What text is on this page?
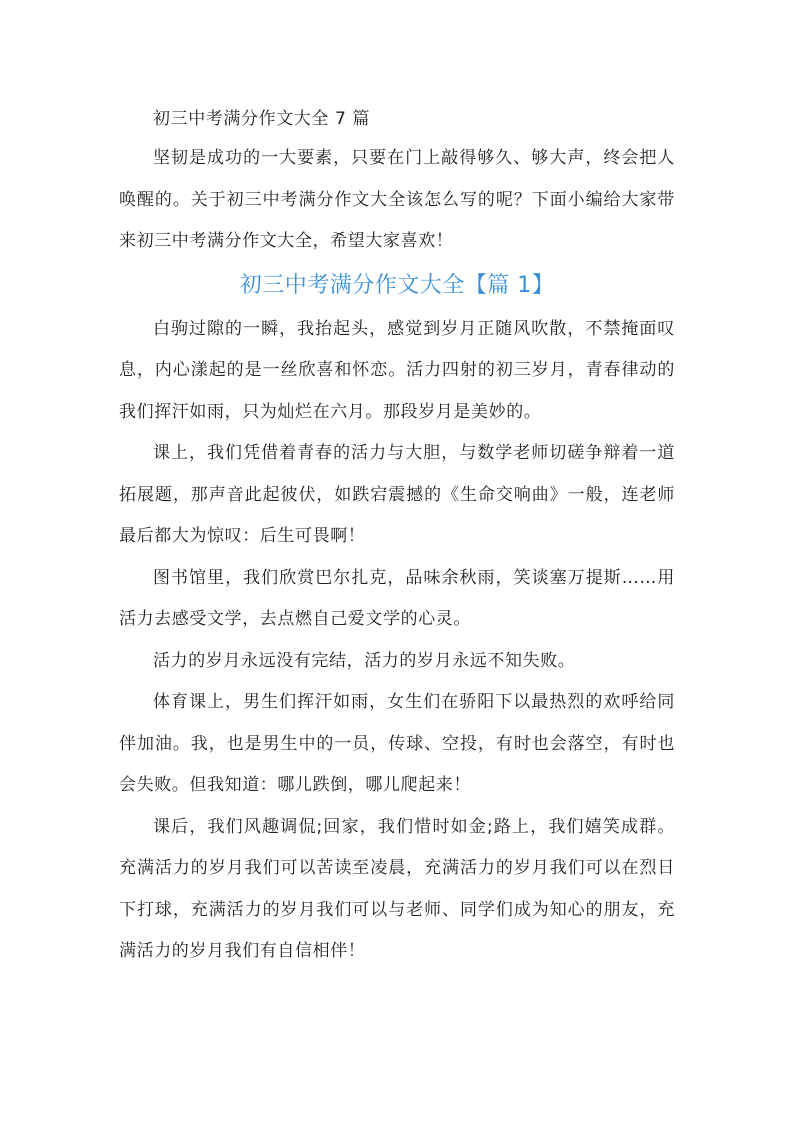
初三中考满分作文大全 7 篇

坚韧是成功的一大要素，只要在门上敲得够久、够大声，终会把人唤醒的。关于初三中考满分作文大全该怎么写的呢？下面小编给大家带来初三中考满分作文大全，希望大家喜欢！

初三中考满分作文大全【篇 1】

白驹过隙的一瞬，我抬起头，感觉到岁月正随风吹散，不禁掩面叹息，内心漾起的是一丝欣喜和怀恋。活力四射的初三岁月，青春律动的我们挥汗如雨，只为灿烂在六月。那段岁月是美妙的。

课上，我们凭借着青春的活力与大胆，与数学老师切磋争辩着一道拓展题，那声音此起彼伏，如跌宕震撼的《生命交响曲》一般，连老师最后都大为惊叹：后生可畏啊！

图书馆里，我们欣赏巴尔扎克，品味余秋雨，笑谈塞万提斯……用活力去感受文学，去点燃自己爱文学的心灵。

活力的岁月永远没有完结，活力的岁月永远不知失败。

体育课上，男生们挥汗如雨，女生们在骄阳下以最热烈的欢呼给同伴加油。我，也是男生中的一员，传球、空投，有时也会落空，有时也会失败。但我知道：哪儿跌倒，哪儿爬起来！

课后，我们风趣调侃;回家，我们惜时如金;路上，我们嬉笑成群。充满活力的岁月我们可以苦读至凌晨，充满活力的岁月我们可以在烈日下打球，充满活力的岁月我们可以与老师、同学们成为知心的朋友，充满活力的岁月我们有自信相伴！
